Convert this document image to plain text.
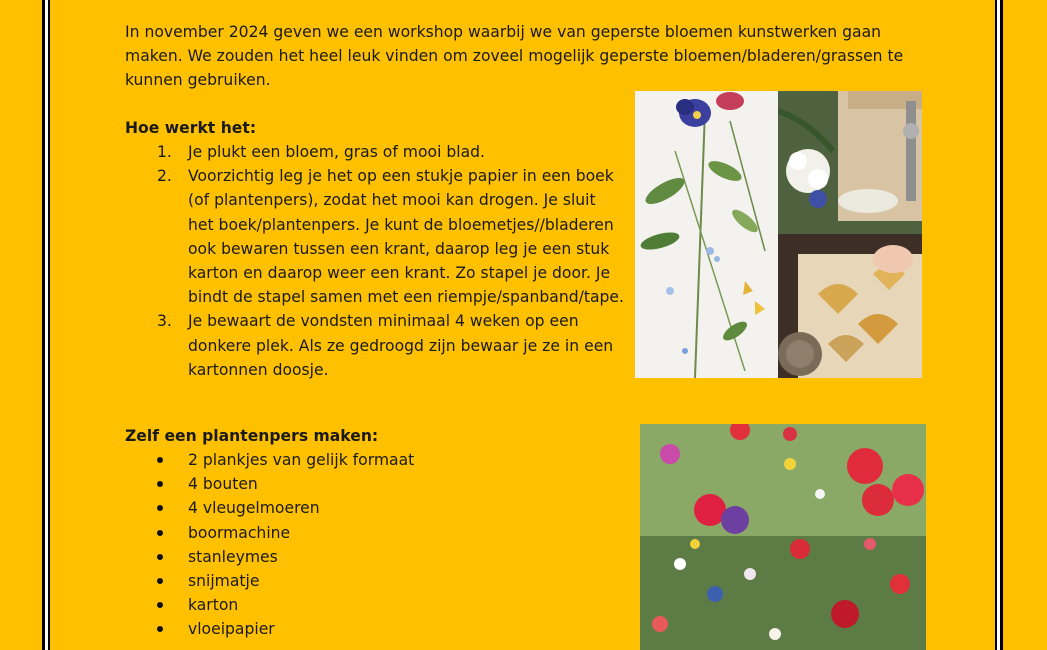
In november 2024 geven we een workshop waarbij we van geperste bloemen kunstwerken gaan maken. We zouden het heel leuk vinden om zoveel mogelijk geperste bloemen/bladeren/grassen te kunnen gebruiken.
Hoe werkt het:
1. Je plukt een bloem, gras of mooi blad.
2. Voorzichtig leg je het op een stukje papier in een boek (of plantenpers), zodat het mooi kan drogen. Je sluit het boek/plantenpers. Je kunt de bloemetjes//bladeren ook bewaren tussen een krant, daarop leg je een stuk karton en daarop weer een krant. Zo stapel je door. Je bindt de stapel samen met een riempje/spanband/tape.
3. Je bewaart de vondsten minimaal 4 weken op een donkere plek. Als ze gedroogd zijn bewaar je ze in een kartonnen doosje.
Zelf een plantenpers maken:
2 plankjes van gelijk formaat
4 bouten
4 vleugelmoeren
boormachine
stanleymes
snijmatje
karton
vloeipapier
